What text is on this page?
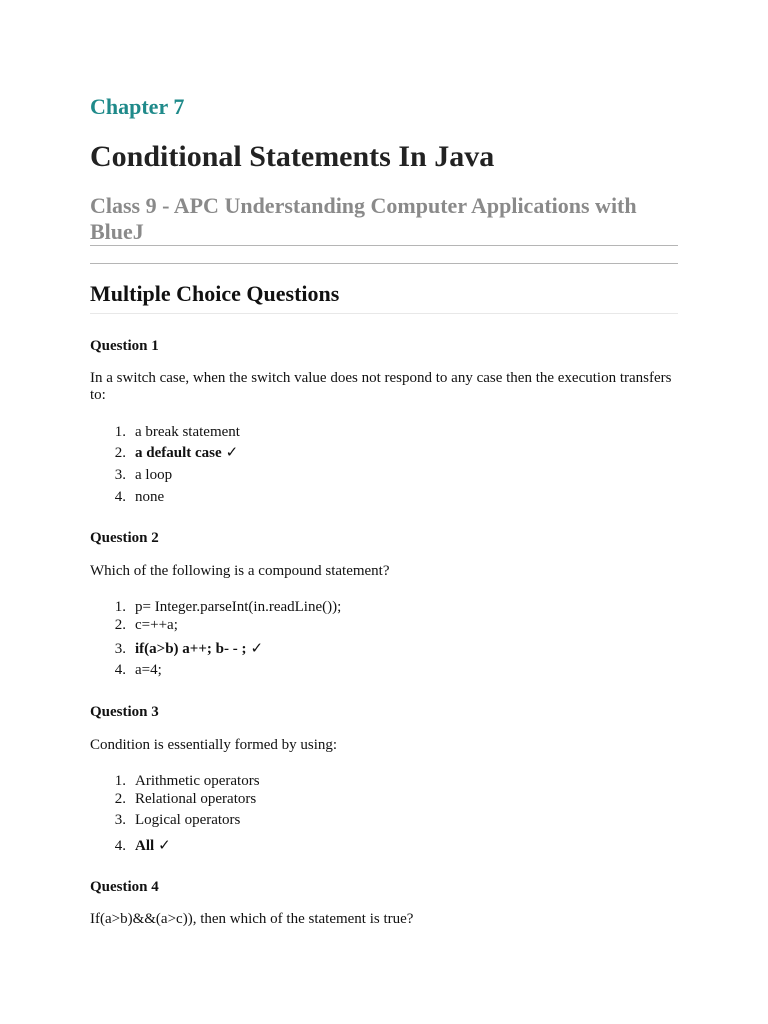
Chapter 7
Conditional Statements In Java
Class 9 - APC Understanding Computer Applications with BlueJ
Multiple Choice Questions

Question 1

In a switch case, when the switch value does not respond to any case then the execution transfers to:

1. a break statement
2. a default case ✓
3. a loop
4. none

Question 2

Which of the following is a compound statement?

1. p= Integer.parseInt(in.readLine());
2. c=++a;
3. if(a>b) a++; b- - ; ✓
4. a=4;

Question 3

Condition is essentially formed by using:

1. Arithmetic operators
2. Relational operators
3. Logical operators
4. All ✓

Question 4

If(a>b)&&(a>c)), then which of the statement is true?
